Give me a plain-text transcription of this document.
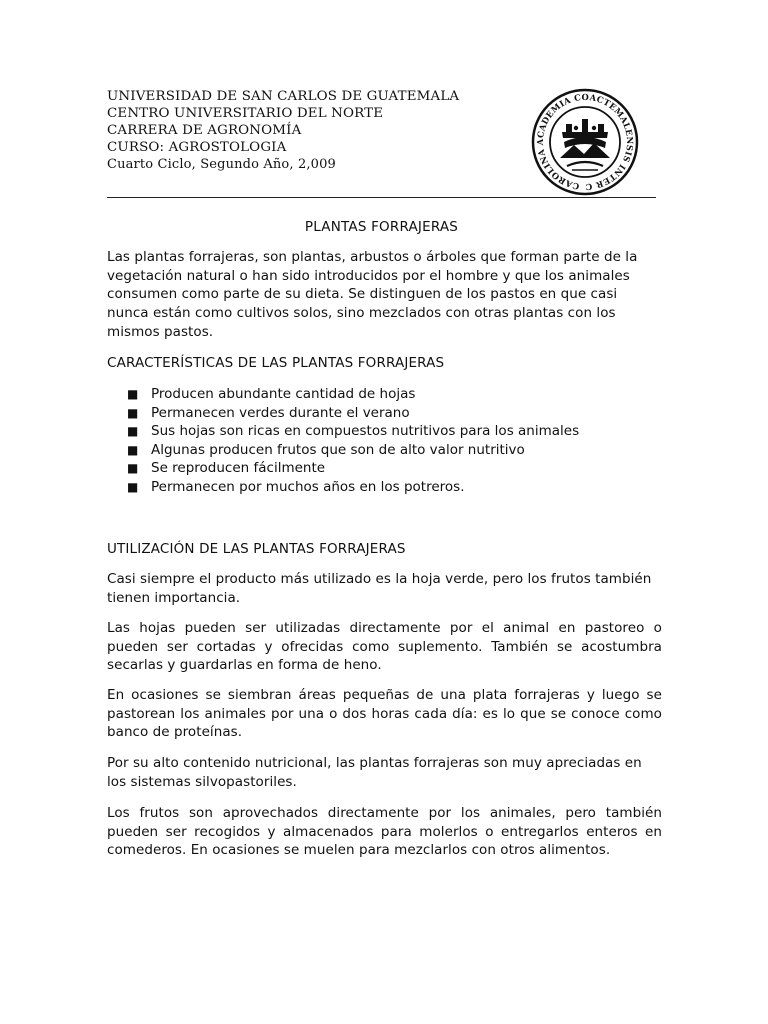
UNIVERSIDAD DE SAN CARLOS DE GUATEMALA
CENTRO UNIVERSITARIO DEL NORTE
CARRERA DE AGRONOMÍA
CURSO: AGROSTOLOGIA
Cuarto Ciclo, Segundo Año, 2,009
CAROLINA ACADEMIA COACTEMALENSIS INTER C
PLANTAS FORRAJERAS

Las plantas forrajeras, son plantas, arbustos o árboles que forman parte de la vegetación natural o han sido introducidos por el hombre y que los animales consumen como parte de su dieta. Se distinguen de los pastos en que casi nunca están como cultivos solos, sino mezclados con otras plantas con los mismos pastos.

CARACTERÍSTICAS DE LAS PLANTAS FORRAJERAS
■ Producen abundante cantidad de hojas
■ Permanecen verdes durante el verano
■ Sus hojas son ricas en compuestos nutritivos para los animales
■ Algunas producen frutos que son de alto valor nutritivo
■ Se reproducen fácilmente
■ Permanecen por muchos años en los potreros.
UTILIZACIÓN DE LAS PLANTAS FORRAJERAS

Casi siempre el producto más utilizado es la hoja verde, pero los frutos también tienen importancia.

Las hojas pueden ser utilizadas directamente por el animal en pastoreo o pueden ser cortadas y ofrecidas como suplemento. También se acostumbra secarlas y guardarlas en forma de heno.

En ocasiones se siembran áreas pequeñas de una plata forrajeras y luego se pastorean los animales por una o dos horas cada día: es lo que se conoce como banco de proteínas.

Por su alto contenido nutricional, las plantas forrajeras son muy apreciadas en los sistemas silvopastoriles.

Los frutos son aprovechados directamente por los animales, pero también pueden ser recogidos y almacenados para molerlos o entregarlos enteros en comederos. En ocasiones se muelen para mezclarlos con otros alimentos.
